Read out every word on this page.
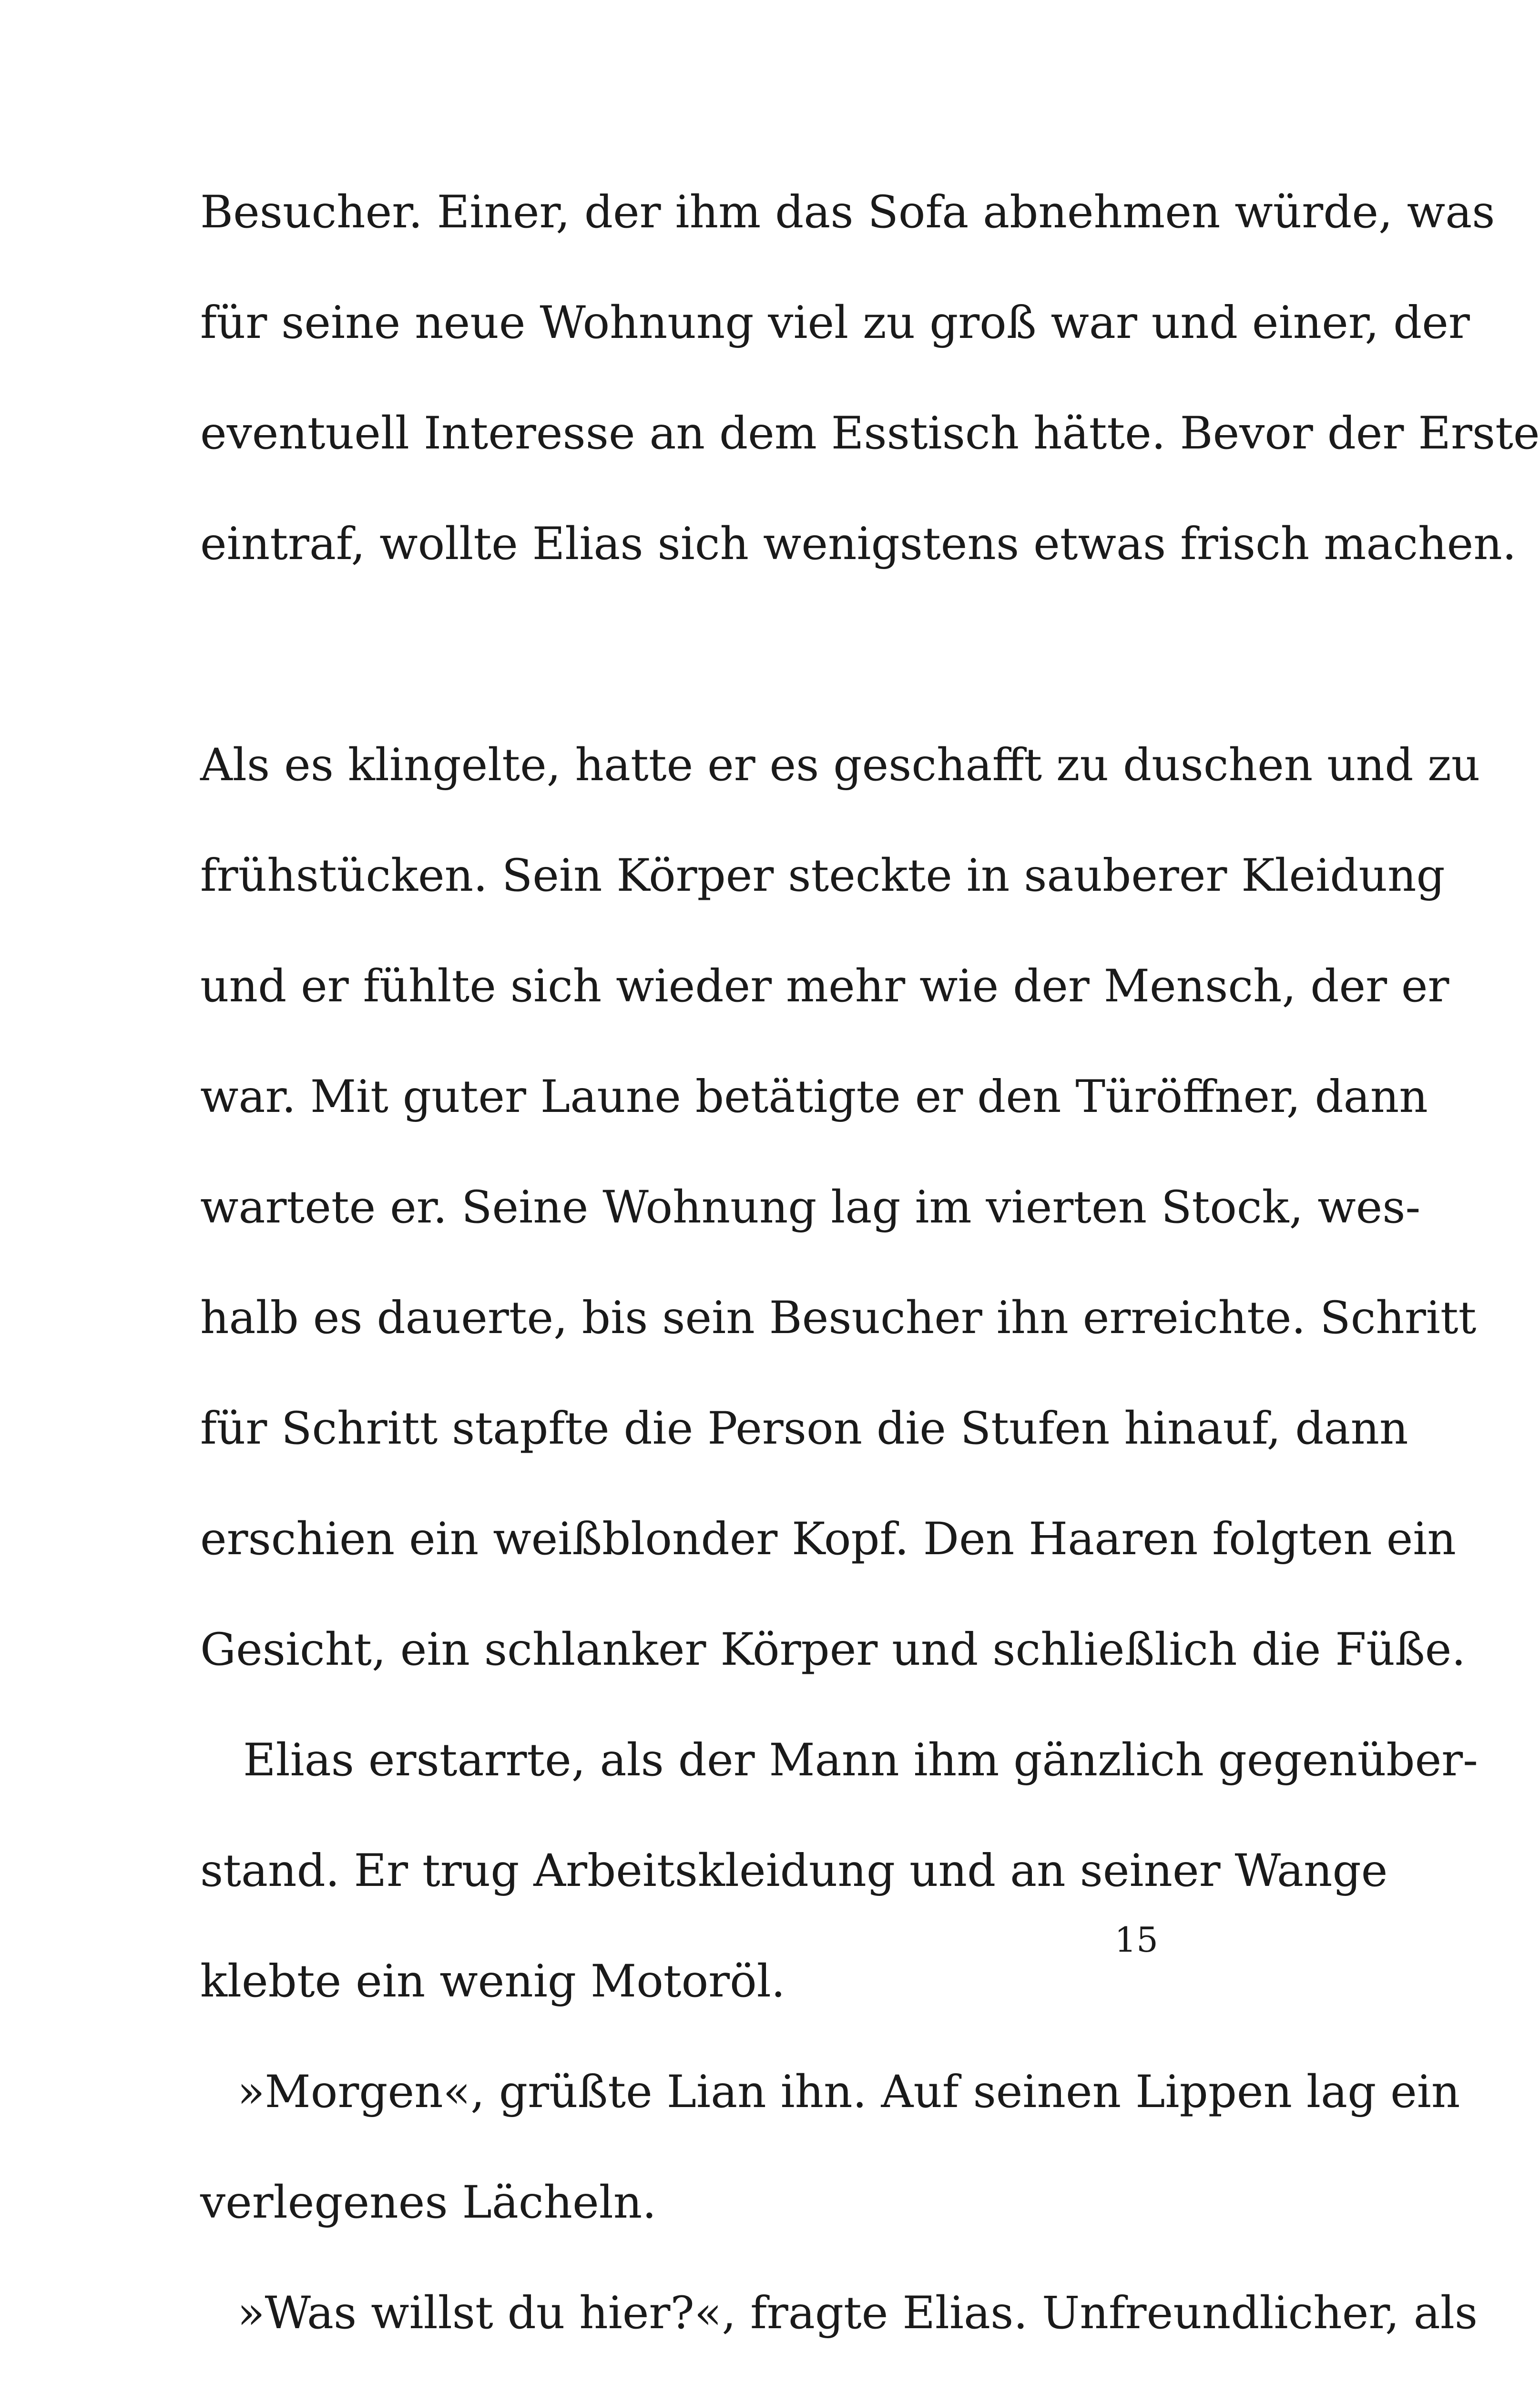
Besucher. Einer, der ihm das Sofa abnehmen würde, was
für seine neue Wohnung viel zu groß war und einer, der
eventuell Interesse an dem Esstisch hätte. Bevor der Erste
eintraf, wollte Elias sich wenigstens etwas frisch machen.
Als es klingelte, hatte er es geschafft zu duschen und zu
frühstücken. Sein Körper steckte in sauberer Kleidung
und er fühlte sich wieder mehr wie der Mensch, der er
war. Mit guter Laune betätigte er den Türöffner, dann
wartete er. Seine Wohnung lag im vierten Stock, wes-
halb es dauerte, bis sein Besucher ihn erreichte. Schritt
für Schritt stapfte die Person die Stufen hinauf, dann
erschien ein weißblonder Kopf. Den Haaren folgten ein
Gesicht, ein schlanker Körper und schließlich die Füße.
Elias erstarrte, als der Mann ihm gänzlich gegenüber-
stand. Er trug Arbeitskleidung und an seiner Wange
klebte ein wenig Motoröl.
»Morgen«, grüßte Lian ihn. Auf seinen Lippen lag ein
verlegenes Lächeln.
»Was willst du hier?«, fragte Elias. Unfreundlicher, als
15
